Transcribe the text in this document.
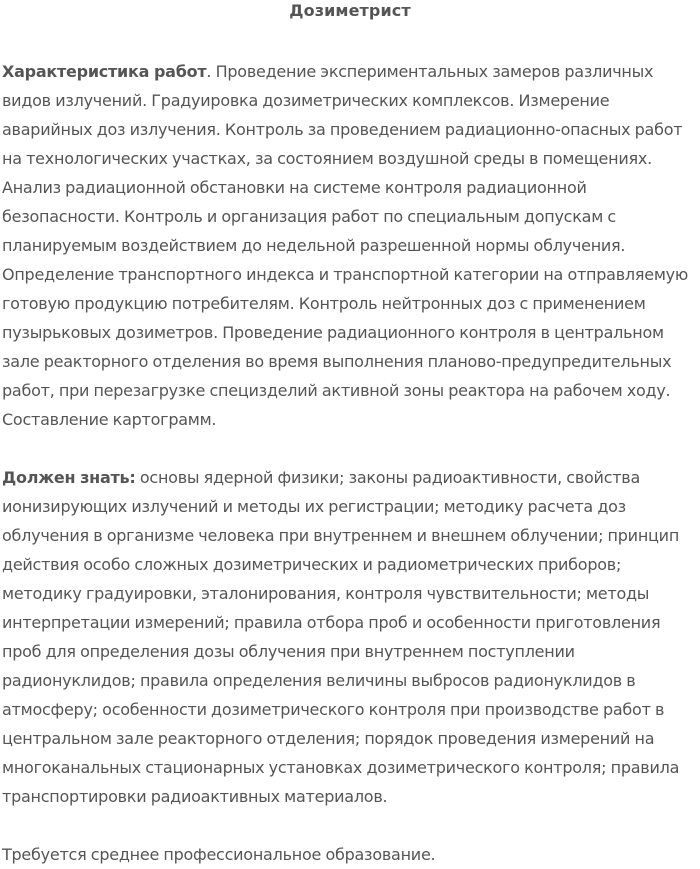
Дозиметрист

Характеристика работ. Проведение экспериментальных замеров различных видов излучений. Градуировка дозиметрических комплексов. Измерение аварийных доз излучения. Контроль за проведением радиационно-опасных работ на технологических участках, за состоянием воздушной среды в помещениях. Анализ радиационной обстановки на системе контроля радиационной безопасности. Контроль и организация работ по специальным допускам с планируемым воздействием до недельной разрешенной нормы облучения. Определение транспортного индекса и транспортной категории на отправляемую готовую продукцию потребителям. Контроль нейтронных доз с применением пузырьковых дозиметров. Проведение радиационного контроля в центральном зале реакторного отделения во время выполнения планово-предупредительных работ, при перезагрузке специзделий активной зоны реактора на рабочем ходу. Составление картограмм.

Должен знать: основы ядерной физики; законы радиоактивности, свойства ионизирующих излучений и методы их регистрации; методику расчета доз облучения в организме человека при внутреннем и внешнем облучении; принцип действия особо сложных дозиметрических и радиометрических приборов; методику градуировки, эталонирования, контроля чувствительности; методы интерпретации измерений; правила отбора проб и особенности приготовления проб для определения дозы облучения при внутреннем поступлении радионуклидов; правила определения величины выбросов радионуклидов в атмосферу; особенности дозиметрического контроля при производстве работ в центральном зале реакторного отделения; порядок проведения измерений на многоканальных стационарных установках дозиметрического контроля; правила транспортировки радиоактивных материалов.

Требуется среднее профессиональное образование.
